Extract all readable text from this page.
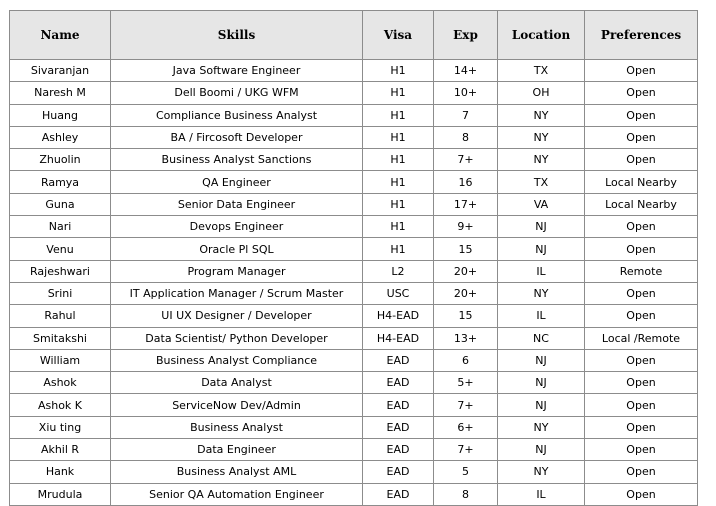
Name	Skills	Visa	Exp	Location	Preferences
Sivaranjan	Java Software Engineer	H1	14+	TX	Open
Naresh M	Dell Boomi / UKG WFM	H1	10+	OH	Open
Huang	Compliance Business Analyst	H1	7	NY	Open
Ashley	BA / Fircosoft Developer	H1	8	NY	Open
Zhuolin	Business Analyst Sanctions	H1	7+	NY	Open
Ramya	QA Engineer	H1	16	TX	Local Nearby
Guna	Senior Data Engineer	H1	17+	VA	Local Nearby
Nari	Devops Engineer	H1	9+	NJ	Open
Venu	Oracle Pl SQL	H1	15	NJ	Open
Rajeshwari	Program Manager	L2	20+	IL	Remote
Srini	IT Application Manager / Scrum Master	USC	20+	NY	Open
Rahul	UI UX Designer / Developer	H4-EAD	15	IL	Open
Smitakshi	Data Scientist/ Python Developer	H4-EAD	13+	NC	Local /Remote
William	Business Analyst Compliance	EAD	6	NJ	Open
Ashok	Data Analyst	EAD	5+	NJ	Open
Ashok K	ServiceNow Dev/Admin	EAD	7+	NJ	Open
Xiu ting	Business Analyst	EAD	6+	NY	Open
Akhil R	Data Engineer	EAD	7+	NJ	Open
Hank	Business Analyst AML	EAD	5	NY	Open
Mrudula	Senior QA Automation Engineer	EAD	8	IL	Open
